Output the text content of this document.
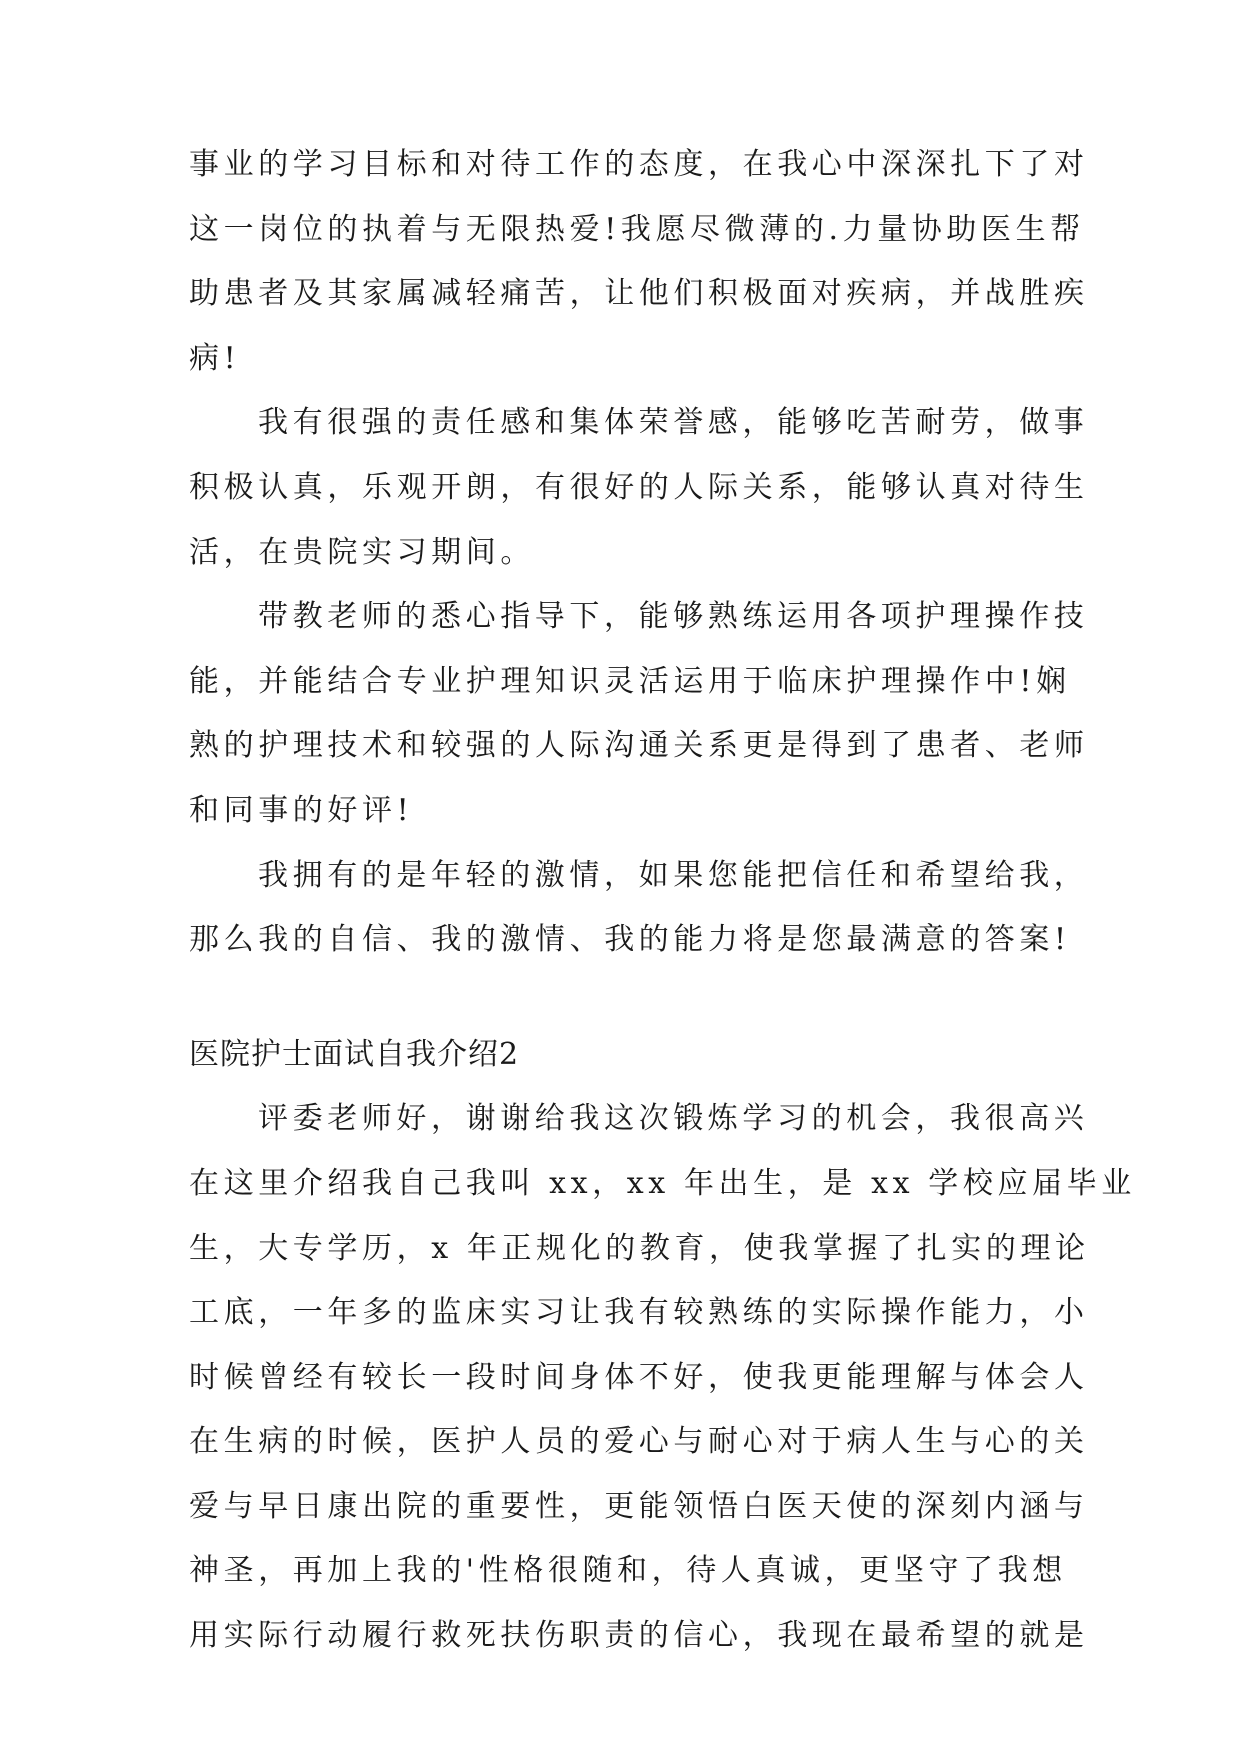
事业的学习目标和对待工作的态度，在我心中深深扎下了对
这一岗位的执着与无限热爱!我愿尽微薄的.力量协助医生帮
助患者及其家属减轻痛苦，让他们积极面对疾病，并战胜疾
病!
我有很强的责任感和集体荣誉感，能够吃苦耐劳，做事
积极认真，乐观开朗，有很好的人际关系，能够认真对待生
活，在贵院实习期间。
带教老师的悉心指导下，能够熟练运用各项护理操作技
能，并能结合专业护理知识灵活运用于临床护理操作中!娴
熟的护理技术和较强的人际沟通关系更是得到了患者、老师
和同事的好评!
我拥有的是年轻的激情，如果您能把信任和希望给我，
那么我的自信、我的激情、我的能力将是您最满意的答案!
医院护士面试自我介绍2
评委老师好，谢谢给我这次锻炼学习的机会，我很高兴
在这里介绍我自己我叫 xx，xx 年出生，是 xx 学校应届毕业
生，大专学历，x 年正规化的教育，使我掌握了扎实的理论
工底，一年多的监床实习让我有较熟练的实际操作能力，小
时候曾经有较长一段时间身体不好，使我更能理解与体会人
在生病的时候，医护人员的爱心与耐心对于病人生与心的关
爱与早日康出院的重要性，更能领悟白医天使的深刻内涵与
神圣，再加上我的'性格很随和，待人真诚，更坚守了我想
用实际行动履行救死扶伤职责的信心，我现在最希望的就是
